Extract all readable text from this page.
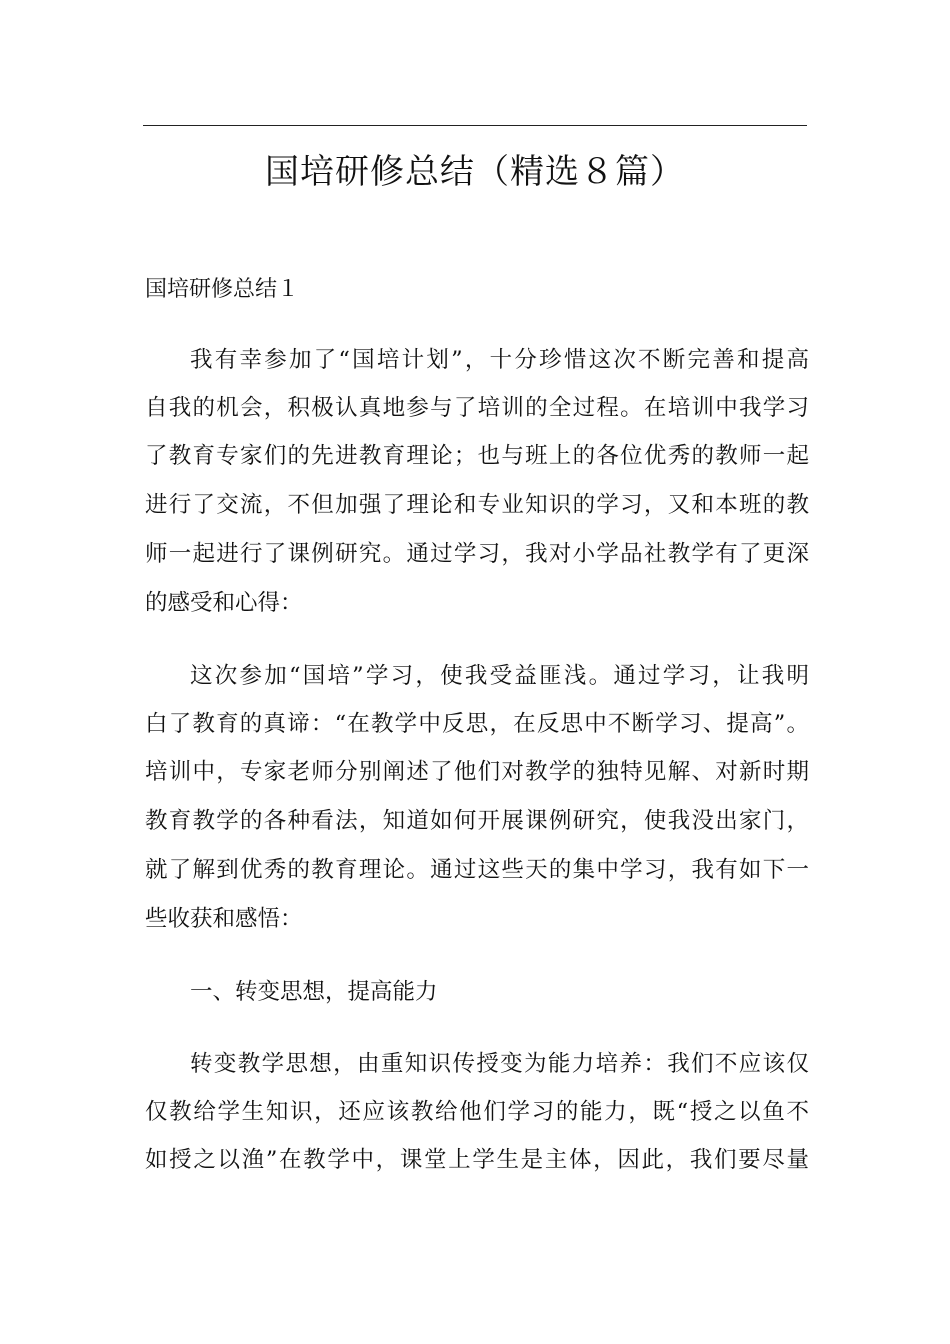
国培研修总结（精选８篇）
国培研修总结１
我有幸参加了“国培计划”，十分珍惜这次不断完善和提高
自我的机会，积极认真地参与了培训的全过程。在培训中我学习
了教育专家们的先进教育理论；也与班上的各位优秀的教师一起
进行了交流，不但加强了理论和专业知识的学习，又和本班的教
师一起进行了课例研究。通过学习，我对小学品社教学有了更深
的感受和心得：
这次参加“国培”学习，使我受益匪浅。通过学习，让我明
白了教育的真谛：“在教学中反思，在反思中不断学习、提高”。
培训中，专家老师分别阐述了他们对教学的独特见解、对新时期
教育教学的各种看法，知道如何开展课例研究，使我没出家门，
就了解到优秀的教育理论。通过这些天的集中学习，我有如下一
些收获和感悟：
一、转变思想，提高能力
转变教学思想，由重知识传授变为能力培养：我们不应该仅
仅教给学生知识，还应该教给他们学习的能力，既“授之以鱼不
如授之以渔”在教学中，课堂上学生是主体，因此，我们要尽量
